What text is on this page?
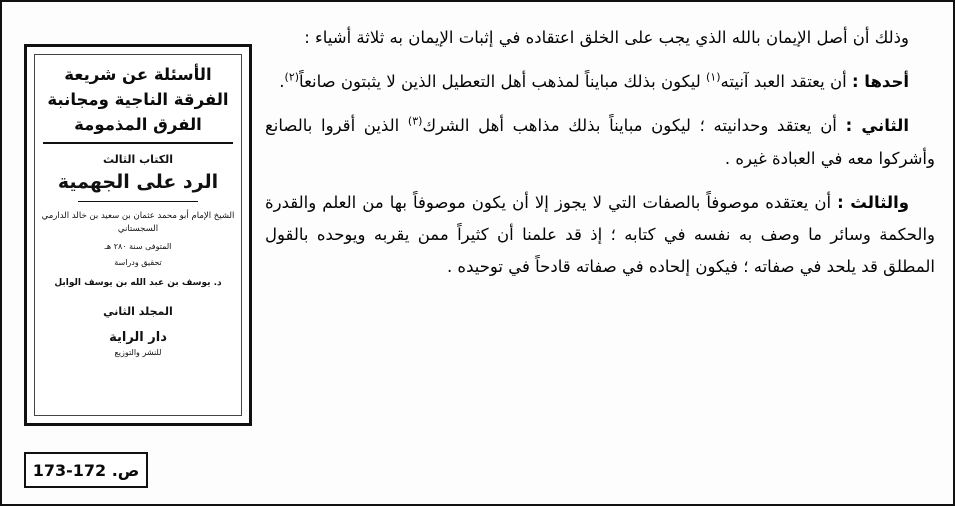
الأسئلة عن شريعة الفرقة الناجية ومجانبة الفرق المذمومة
الكتاب الثالث
الرد على الجهمية
الشيخ الإمام أبو محمد عثمان بن سعيد بن خالد الدارمي السجستاني
المتوفى سنة ٢٨٠ هـ
تحقيق ودراسة
د. يوسف بن عبد الله بن يوسف الوابل
المجلد الثاني
دار الراية
للنشر والتوزيع
ص. 172-173

وذلك أن أصل الإيمان بالله الذي يجب على الخلق اعتقاده في إثبات الإيمان به ثلاثة أشياء :

أحدها : أن يعتقد العبد آنيته$^{(١)}$ ليكون بذلك مبايناً لمذهب أهل التعطيل الذين لا يثبتون صانعاً$^{(٢)}$.

الثاني : أن يعتقد وحدانيته ؛ ليكون مبايناً بذلك مذاهب أهل الشرك$^{(٣)}$ الذين أقروا بالصانع وأشركوا معه في العبادة غيره .

والثالث : أن يعتقده موصوفاً بالصفات التي لا يجوز إلا أن يكون موصوفاً بها من العلم والقدرة والحكمة وسائر ما وصف به نفسه في كتابه ؛ إذ قد علمنا أن كثيراً ممن يقربه ويوحده بالقول المطلق قد يلحد في صفاته ؛ فيكون إلحاده في صفاته قادحاً في توحيده .
